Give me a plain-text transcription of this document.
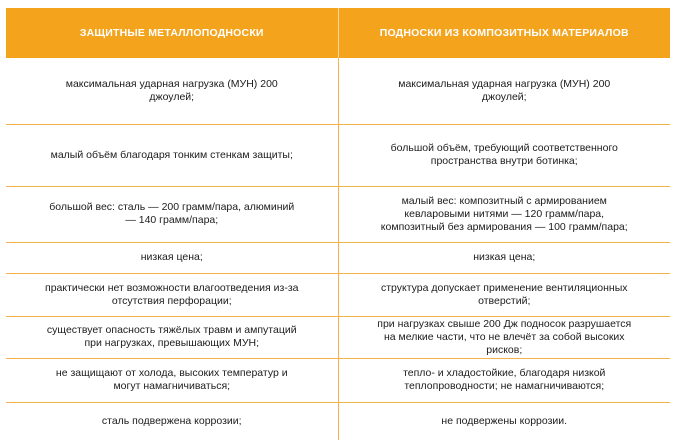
ЗАЩИТНЫЕ МЕТАЛЛОПОДНОСКИ	ПОДНОСКИ ИЗ КОМПОЗИТНЫХ МАТЕРИАЛОВ
максимальная ударная нагрузка (МУН) 200 джоулей;	максимальная ударная нагрузка (МУН) 200 джоулей;
малый объём благодаря тонким стенкам защиты;	большой объём, требующий соответственного пространства внутри ботинка;
большой вес: сталь — 200 грамм/пара, алюминий — 140 грамм/пара;	малый вес: композитный с армированием кевларовыми нитями — 120 грамм/пара, композитный без армирования — 100 грамм/пара;
низкая цена;	низкая цена;
практически нет возможности влагоотведения из-за отсутствия перфорации;	структура допускает применение вентиляционных отверстий;
существует опасность тяжёлых травм и ампутаций при нагрузках, превышающих МУН;	при нагрузках свыше 200 Дж подносок разрушается на мелкие части, что не влечёт за собой высоких рисков;
не защищают от холода, высоких температур и могут намагничиваться;	тепло- и хладостойкие, благодаря низкой теплопроводности; не намагничиваются;
сталь подвержена коррозии;	не подвержены коррозии.
